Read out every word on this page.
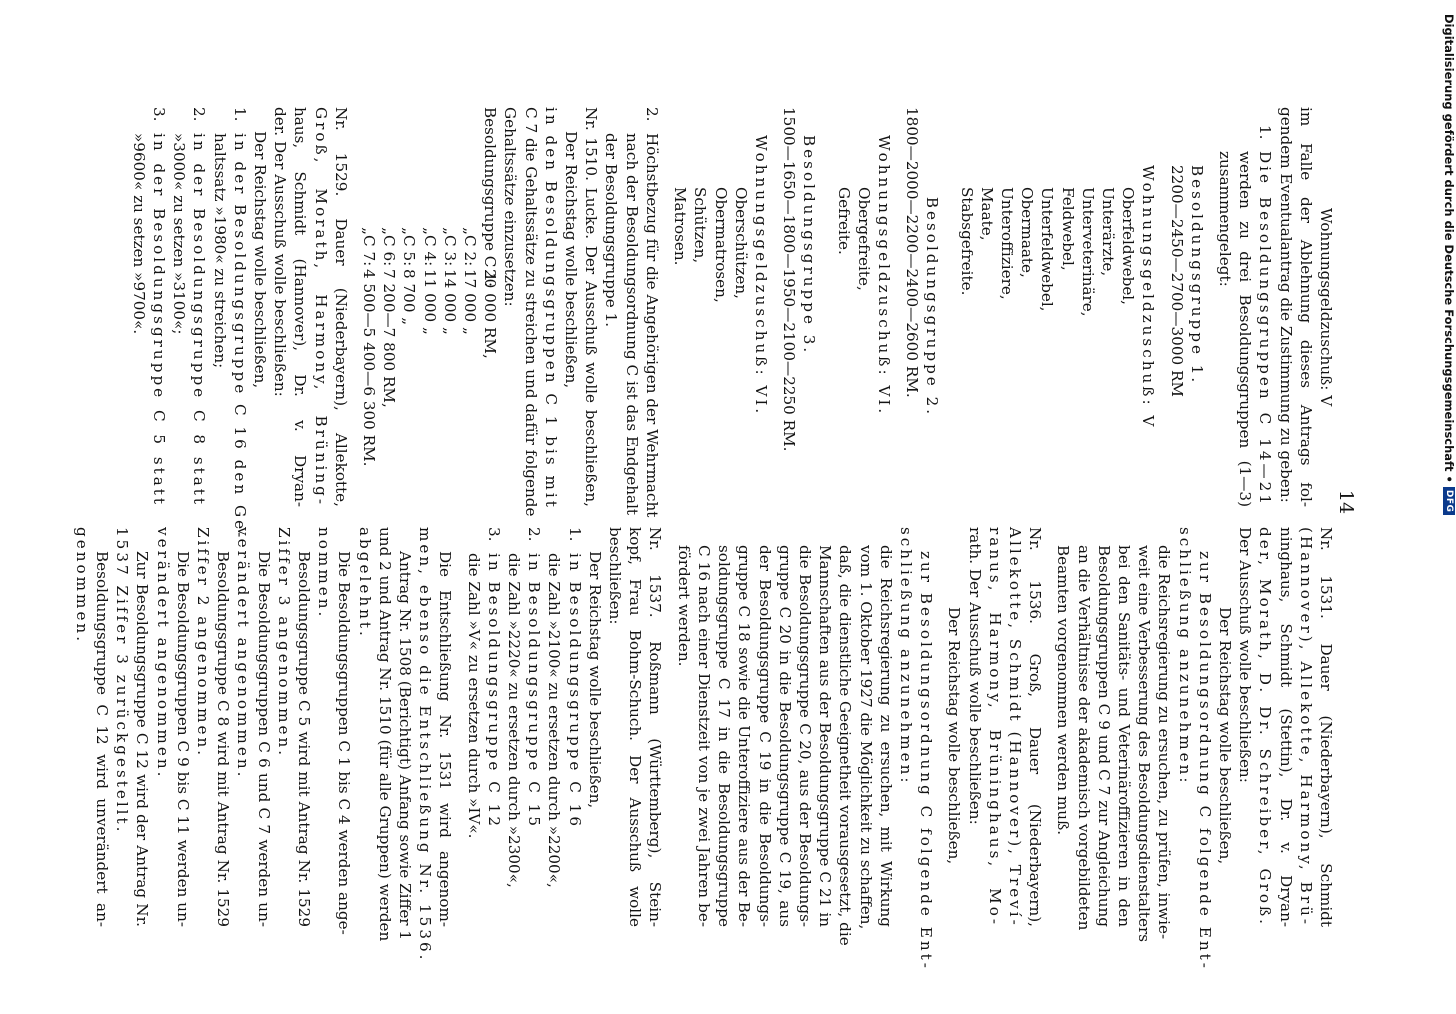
14
Wohnungsgeldzuschuß: V
im Falle der Ablehnung dieses Antrags fol-
gendem Eventualantrag die Zustimmung zu geben:
1.
Die Besoldungsgruppen C 14—21
werden zu drei Besoldungsgruppen (1—3)
zusammengelegt:
Besoldungsgruppe 1.
2200—2450—2700—3000 RM
Wohnungsgeldzuschuß: V
Oberfeldwebel,
Unterärzte,
Unterveterinäre,
Feldwebel,
Unterfeldwebel,
Obermaate,
Unteroffiziere,
Maate,
Stabsgefreite.
Besoldungsgruppe 2.
1800—2000—2200—2400—2600 RM.
Wohnungsgeldzuschuß: VI.
Obergefreite,
Gefreite.
Besoldungsgruppe 3.
1500—1650—1800—1950—2100—2250 RM.
Wohnungsgeldzuschuß: VI.
Oberschützen,
Obermatrosen,
Schützen,
Matrosen.
2.
Höchstbezug für die Angehörigen der Wehrmacht
nach der Besoldungsordnung C ist das Endgehalt
der Besoldungsgruppe 1.
Nr. 1510. Lucke. Der Ausschuß wolle beschließen,
Der Reichstag wolle beschließen,
in den Besoldungsgruppen C 1 bis mit
C 7 die Gehaltssätze zu streichen und dafür folgende
Gehaltssätze einzusetzen:
Besoldungsgruppe C 1:
20 000 RM,
„
C 2:
17 000 „
„
C 3:
14 000 „
„
C 4:
11 000 „
„
C 5:
8 700 „
„
C 6:
7 200—7 800 RM,
„
C 7:
4 500—5 400—6 300 RM.
Nr. 1529. Dauer (Niederbayern), Allekotte,
Groß, Morath, Harmony, Brüning-
haus, Schmidt (Hannover), Dr. v. Dryan-
der. Der Ausschuß wolle beschließen:
Der Reichstag wolle beschließen,
1.
in der Besoldungsgruppe C 16 den Ge-
haltssatz »1980« zu streichen;
2.
in der Besoldungsgruppe C 8 statt
»3000« zu setzen »3100«;
3.
in der Besoldungsgruppe C 5 statt
»9600« zu setzen »9700«.
Nr. 1531. Dauer (Niederbayern), Schmidt
(Hannover), Allekotte, Harmony, Brü-
ninghaus, Schmidt (Stettin), Dr. v. Dryan-
der, Morath, D. Dr. Schreiber, Groß.
Der Ausschuß wolle beschließen:
Der Reichstag wolle beschließen,
zur Besoldungsordnung C folgende Ent-
schließung anzunehmen:
die Reichsregierung zu ersuchen, zu prüfen, inwie-
weit eine Verbesserung des Besoldungsdienstalters
bei den Sanitäts- und Veterinäroffizieren in den
Besoldungsgruppen C 9 und C 7 zur Angleichung
an die Verhältnisse der akademisch vorgebildeten
Beamten vorgenommen werden muß.
Nr. 1536. Groß, Dauer (Niederbayern),
Allekotte, Schmidt (Hannover), Treví-
ranus, Harmony, Brüninghaus, Mo-
rath. Der Ausschuß wolle beschließen:
Der Reichstag wolle beschließen,
zur Besoldungsordnung C folgende Ent-
schließung anzunehmen:
die Reichsregierung zu ersuchen, mit Wirkung
vom 1. Oktober 1927 die Möglichkeit zu schaffen,
daß, die dienstliche Geeignetheit vorausgesetzt, die
Mannschaften aus der Besoldungsgruppe C 21 in
die Besoldungsgruppe C 20, aus der Besoldungs-
gruppe C 20 in die Besoldungsgruppe C 19, aus
der Besoldungsgruppe C 19 in die Besoldungs-
gruppe C 18 sowie die Unteroffiziere aus der Be-
soldungsgruppe C 17 in die Besoldungsgruppe
C 16 nach einer Dienstzeit von je zwei Jahren be-
fördert werden.
Nr. 1537. Roßmann (Württemberg), Stein-
kopf, Frau Bohm-Schuch. Der Ausschuß wolle
beschließen:
Der Reichstag wolle beschließen,
1.
in Besoldungsgruppe C 16
die Zahl »2100« zu ersetzen durch »2200«,
2.
in Besoldungsgruppe C 15
die Zahl »2220« zu ersetzen durch »2300«,
3.
in Besoldungsgruppe C 12
die Zahl »V« zu ersetzen durch »IV«.
Die Entschließung Nr. 1531 wird angenom-
men, ebenso die Entschließung Nr. 1536.
Antrag Nr. 1508 (Berichtigt) Anfang sowie Ziffer 1
und 2 und Antrag Nr. 1510 (für alle Gruppen) werden
abgelehnt.
Die Besoldungsgruppen C 1 bis C 4 werden ange-
nommen.
Besoldungsgruppe C 5 wird mit Antrag Nr. 1529
Ziffer 3 angenommen.
Die Besoldungsgruppen C 6 und C 7 werden un-
verändert angenommen.
Besoldungsgruppe C 8 wird mit Antrag Nr. 1529
Ziffer 2 angenommen.
Die Besoldungsgruppen C 9 bis C 11 werden un-
verändert angenommen.
Zur Besoldungsgruppe C 12 wird der Antrag Nr.
1537 Ziffer 3 zurückgestellt.
Besoldungsgruppe C 12 wird unverändert an-
genommen.
Digitalisierung gefördert durch die Deutsche Forschungsgemeinschaft •
DFG
